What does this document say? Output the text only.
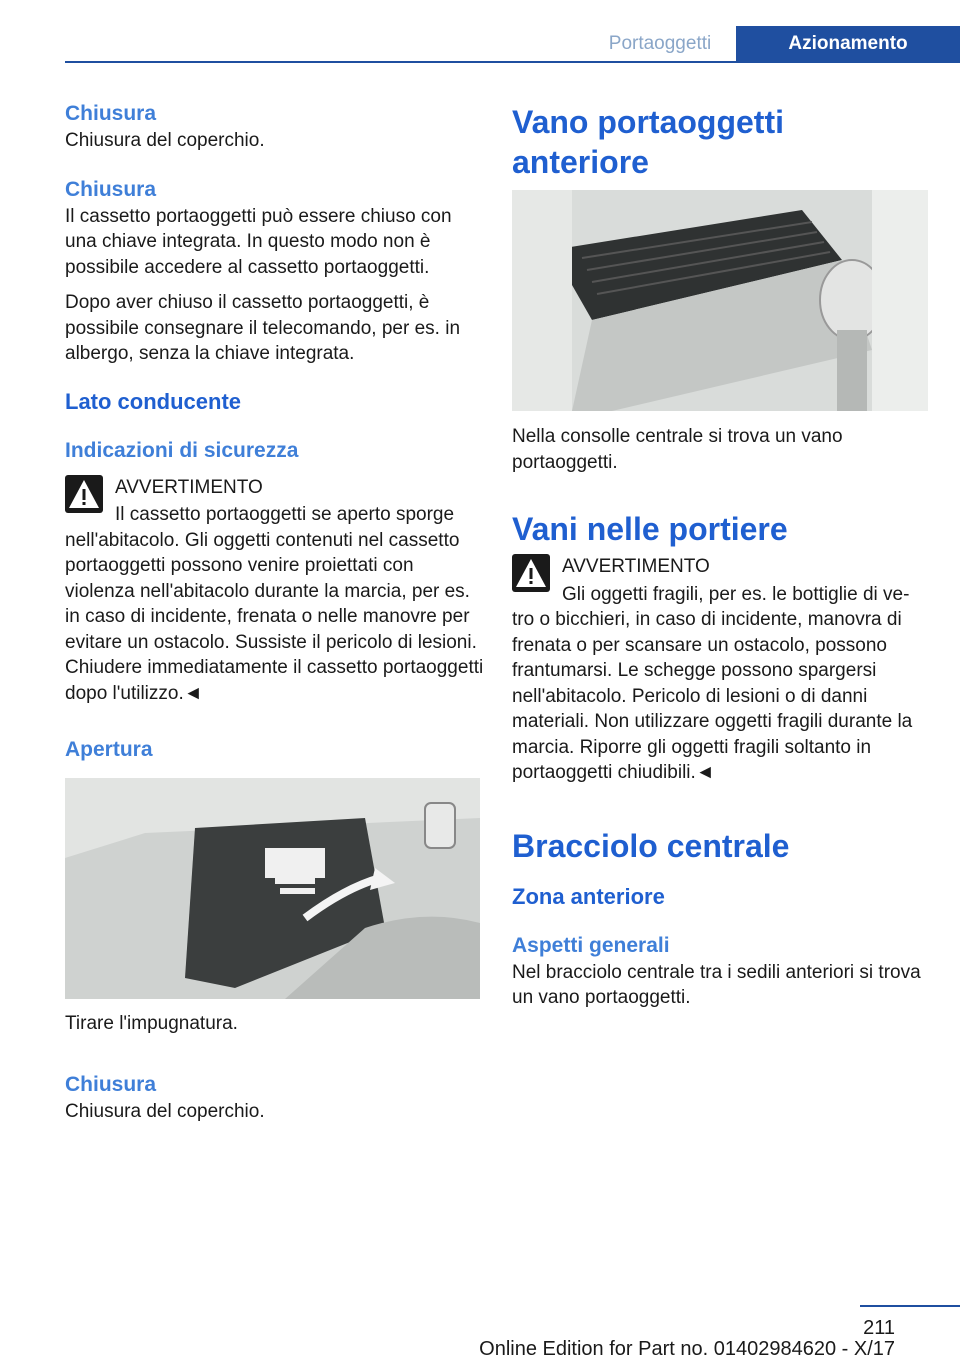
Portaoggetti	Azionamento
Chiusura

Chiusura del coperchio.

Chiusura

Il cassetto portaoggetti può essere chiuso con una chiave integrata. In questo modo non è possibile accedere al cassetto portaoggetti.

Dopo aver chiuso il cassetto portaoggetti, è possibile consegnare il telecomando, per es. in albergo, senza la chiave integrata.

Lato conducente
Indicazioni di sicurezza

AVVERTIMENTO

Il cassetto portaoggetti se aperto sporge

nell'abitacolo. Gli oggetti contenuti nel cassetto portaoggetti possono venire proiettati con violenza nell'abitacolo durante la marcia, per es. in caso di incidente, frenata o nelle manovre per evitare un ostacolo. Sussiste il pericolo di lesioni. Chiudere immediatamente il cassetto portaoggetti dopo l'utilizzo.◄

Apertura

Tirare l'impugnatura.

Chiusura

Chiusura del coperchio.

Vano portaoggetti anteriore

Nella consolle centrale si trova un vano portaoggetti.

Vani nelle portiere

AVVERTIMENTO

Gli oggetti fragili, per es. le bottiglie di ve-

tro o bicchieri, in caso di incidente, manovra di frenata o per scansare un ostacolo, possono frantumarsi. Le schegge possono spargersi nell'abitacolo. Pericolo di lesioni o di danni materiali. Non utilizzare oggetti fragili durante la marcia. Riporre gli oggetti fragili soltanto in portaoggetti chiudibili.◄

Bracciolo centrale
Zona anteriore
Aspetti generali

Nel bracciolo centrale tra i sedili anteriori si trova un vano portaoggetti.

211
Online Edition for Part no. 01402984620 - X/17
